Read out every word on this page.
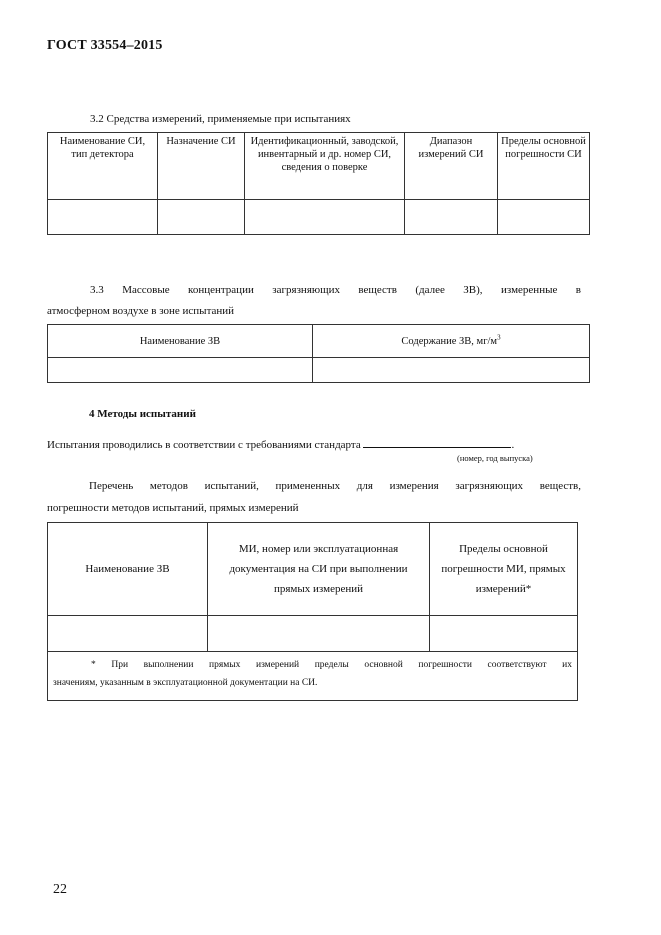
ГОСТ 33554–2015
3.2 Средства измерений, применяемые при испытаниях
Наименование СИ, тип детектора	Назначение СИ	Идентификационный, заводской, инвентарный и др. номер СИ, сведения о поверке	Диапазон измерений СИ	Пределы основной погрешности СИ

3.3 Массовые концентрации загрязняющих веществ (далее ЗВ), измеренные в
атмосферном воздухе в зоне испытаний
Наименование ЗВ	Содержание ЗВ, $мг/м^3$

4 Методы испытаний
Испытания проводились в соответствии с требованиями стандарта	.
(номер, год выпуска)
Перечень методов испытаний, примененных для измерения загрязняющих веществ,
погрешности методов испытаний, прямых измерений
Наименование ЗВ	МИ, номер или эксплуатационная документация на СИ при выполнении прямых измерений	Пределы основной погрешности МИ, прямых измерений*

* При выполнении прямых измерений пределы основной погрешности соответствуют их
значениям, указанным в эксплуатационной документации на СИ.		
22
